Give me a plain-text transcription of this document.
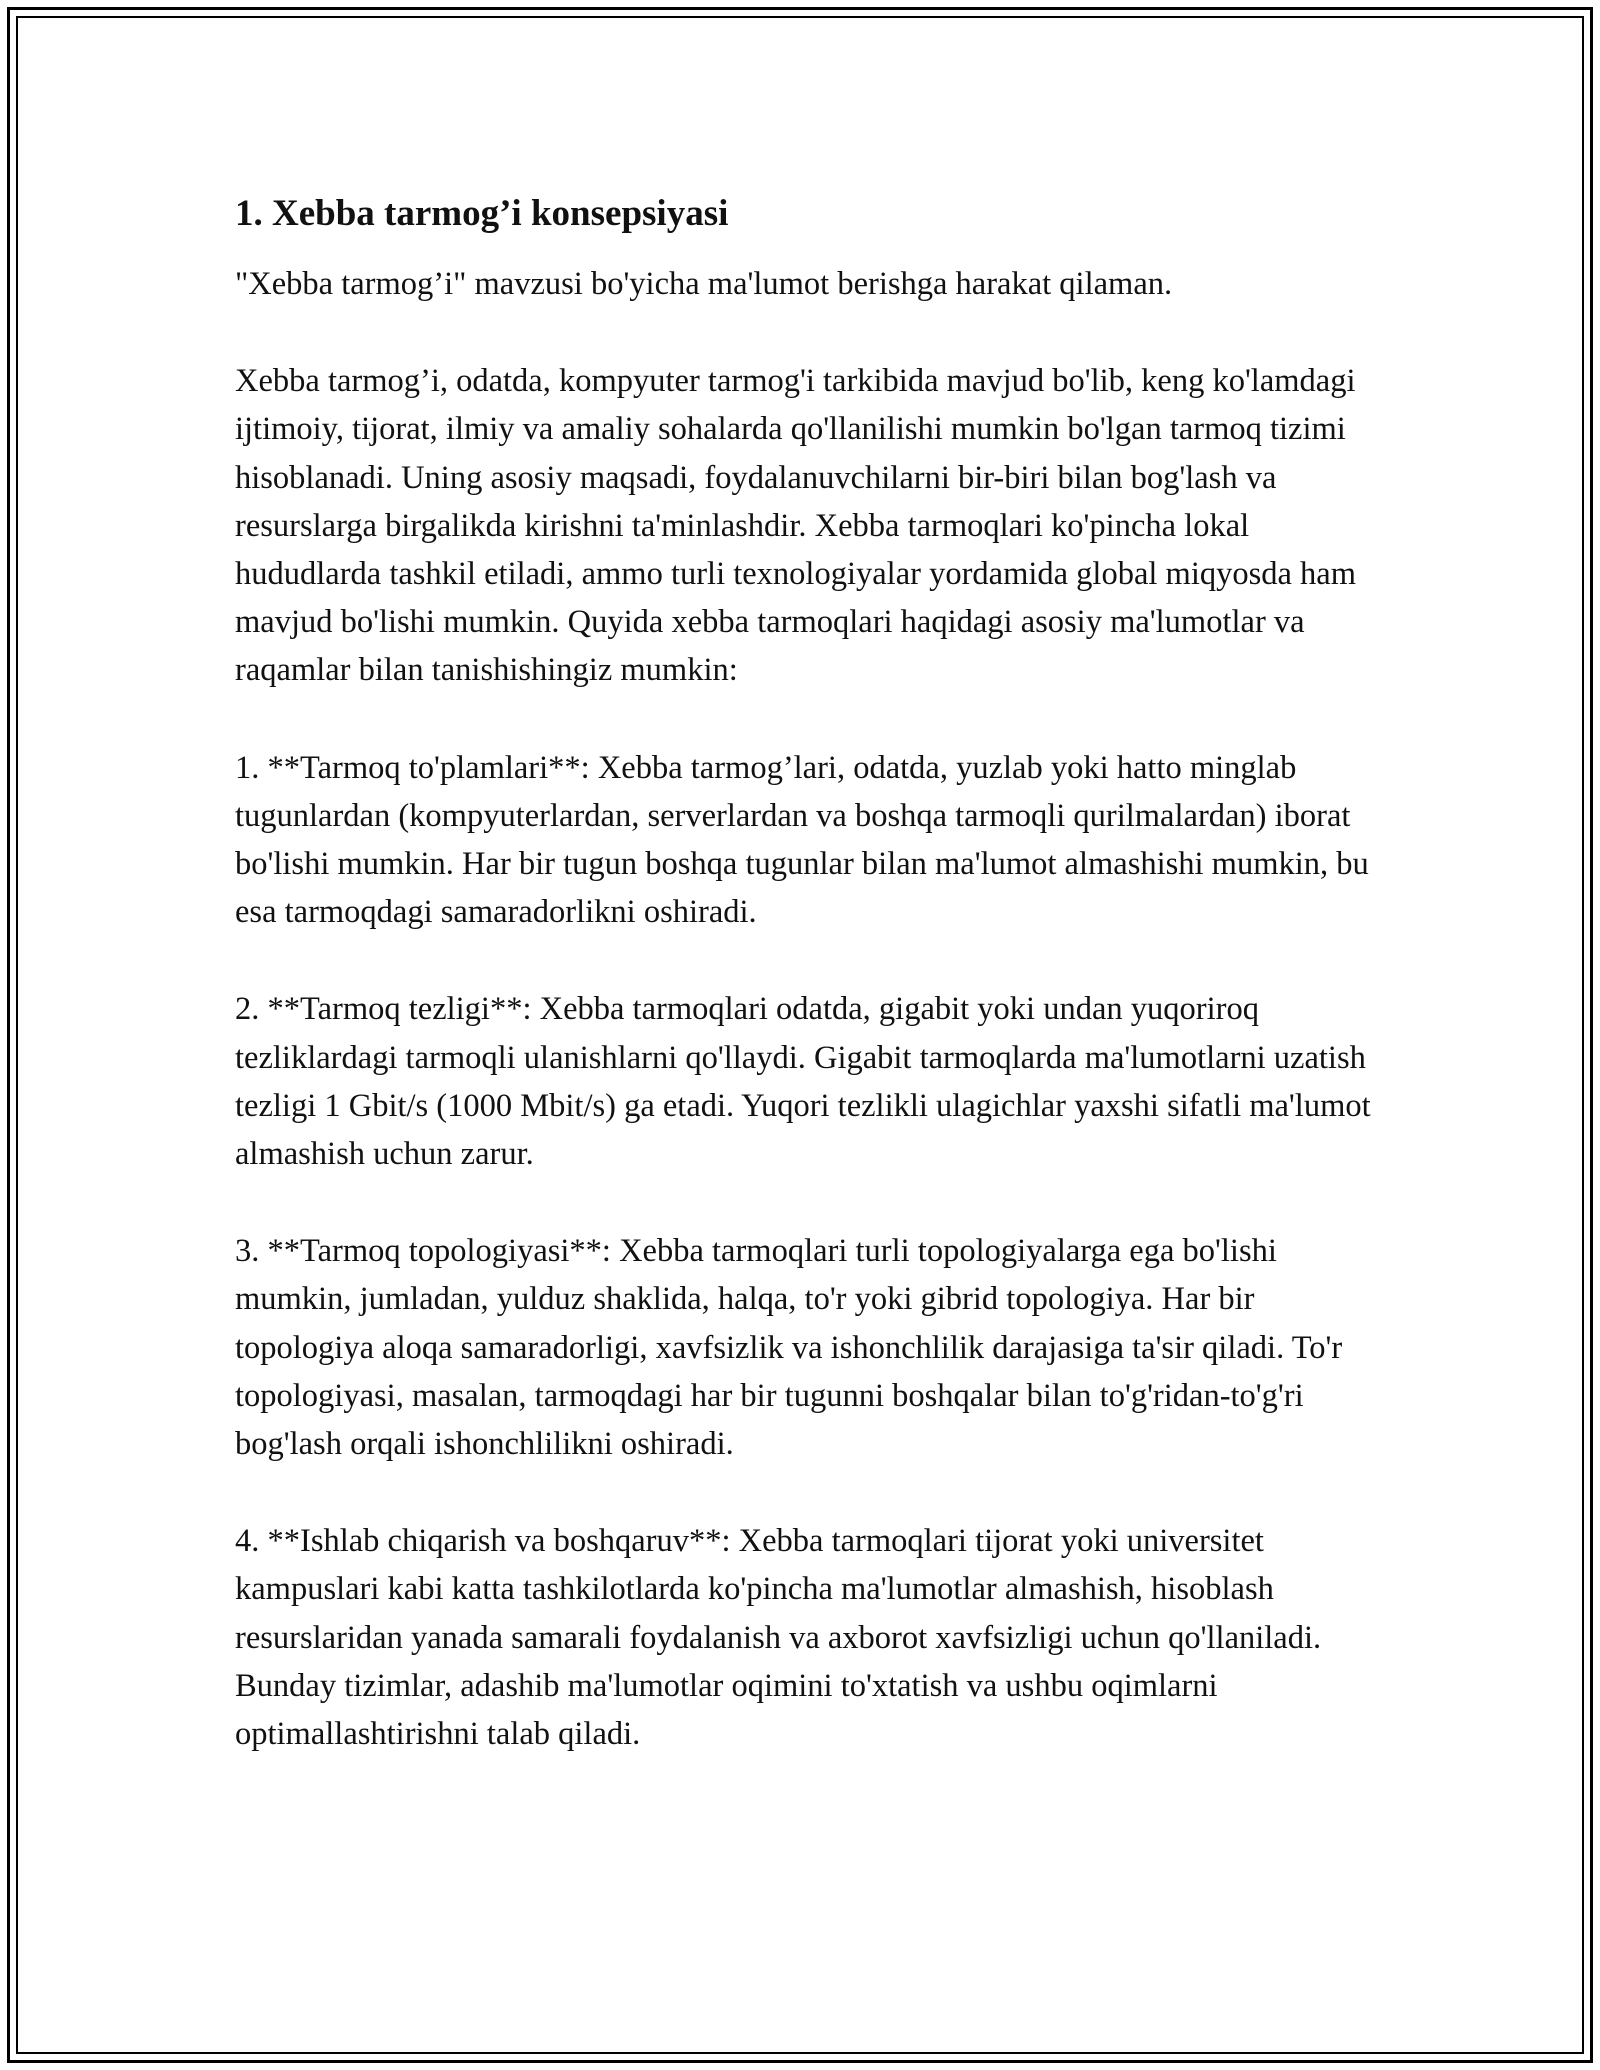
1. Xebba tarmog’i konsepsiyasi

"Xebba tarmog’i" mavzusi bo'yicha ma'lumot berishga harakat qilaman.

Xebba tarmog’i, odatda, kompyuter tarmog'i tarkibida mavjud bo'lib, keng ko'lamdagi ijtimoiy, tijorat, ilmiy va amaliy sohalarda qo'llanilishi mumkin bo'lgan tarmoq tizimi hisoblanadi. Uning asosiy maqsadi, foydalanuvchilarni bir-biri bilan bog'lash va resurslarga birgalikda kirishni ta'minlashdir. Xebba tarmoqlari ko'pincha lokal hududlarda tashkil etiladi, ammo turli texnologiyalar yordamida global miqyosda ham mavjud bo'lishi mumkin. Quyida xebba tarmoqlari haqidagi asosiy ma'lumotlar va raqamlar bilan tanishishingiz mumkin:

1. **Tarmoq to'plamlari**: Xebba tarmog’lari, odatda, yuzlab yoki hatto minglab tugunlardan (kompyuterlardan, serverlardan va boshqa tarmoqli qurilmalardan) iborat bo'lishi mumkin. Har bir tugun boshqa tugunlar bilan ma'lumot almashishi mumkin, bu esa tarmoqdagi samaradorlikni oshiradi.

2. **Tarmoq tezligi**: Xebba tarmoqlari odatda, gigabit yoki undan yuqoriroq tezliklardagi tarmoqli ulanishlarni qo'llaydi. Gigabit tarmoqlarda ma'lumotlarni uzatish tezligi 1 Gbit/s (1000 Mbit/s) ga etadi. Yuqori tezlikli ulagichlar yaxshi sifatli ma'lumot almashish uchun zarur.

3. **Tarmoq topologiyasi**: Xebba tarmoqlari turli topologiyalarga ega bo'lishi mumkin, jumladan, yulduz shaklida, halqa, to'r yoki gibrid topologiya. Har bir topologiya aloqa samaradorligi, xavfsizlik va ishonchlilik darajasiga ta'sir qiladi. To'r topologiyasi, masalan, tarmoqdagi har bir tugunni boshqalar bilan to'g'ridan-to'g'ri bog'lash orqali ishonchlilikni oshiradi.

4. **Ishlab chiqarish va boshqaruv**: Xebba tarmoqlari tijorat yoki universitet kampuslari kabi katta tashkilotlarda ko'pincha ma'lumotlar almashish, hisoblash resurslaridan yanada samarali foydalanish va axborot xavfsizligi uchun qo'llaniladi. Bunday tizimlar, adashib ma'lumotlar oqimini to'xtatish va ushbu oqimlarni optimallashtirishni talab qiladi.
